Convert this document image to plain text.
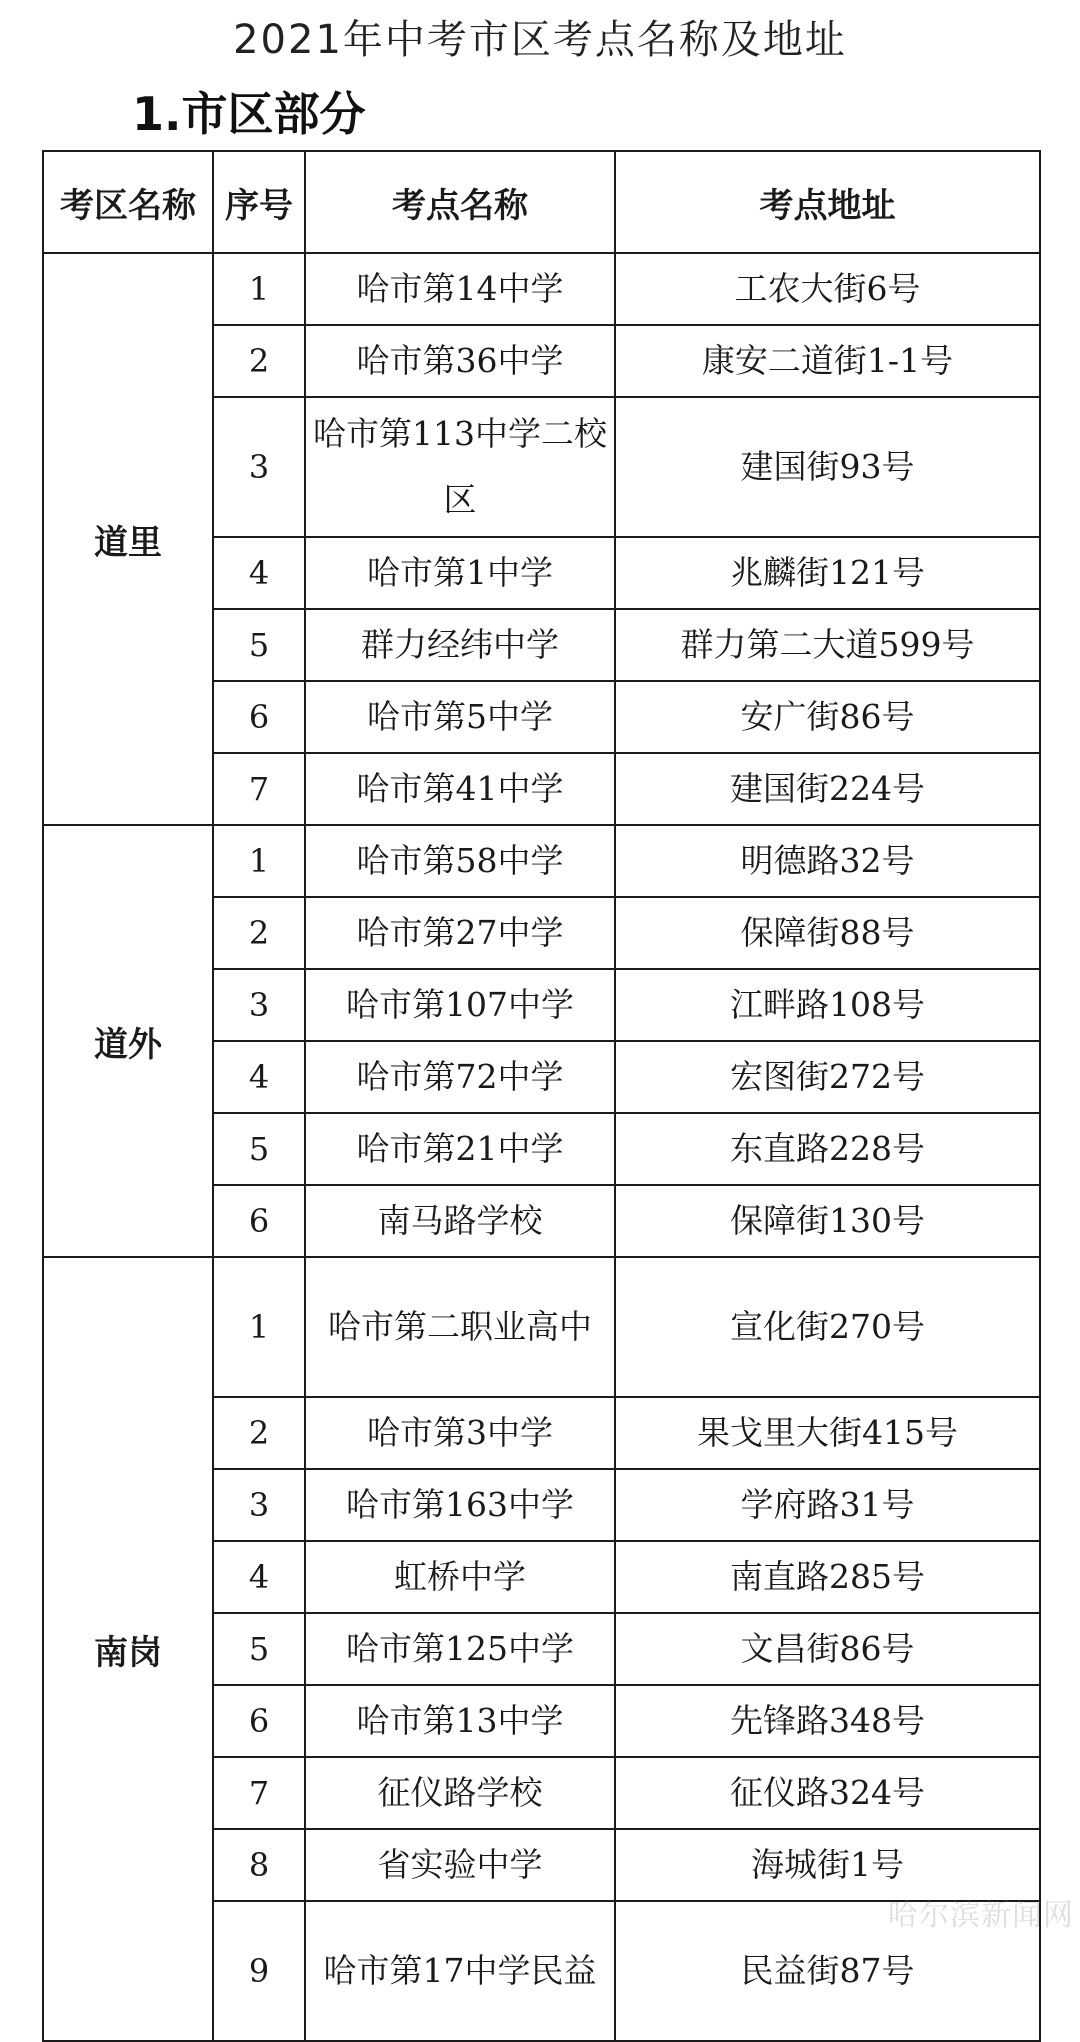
2021年中考市区考点名称及地址
1.市区部分
考区名称	序号	考点名称	考点地址
道里	1	哈市第14中学	工农大街6号
	2	哈市第36中学	康安二道街1-1号
	3	哈市第113中学二校区	建国街93号
	4	哈市第1中学	兆麟街121号
	5	群力经纬中学	群力第二大道599号
	6	哈市第5中学	安广街86号
	7	哈市第41中学	建国街224号
道外	1	哈市第58中学	明德路32号
	2	哈市第27中学	保障街88号
	3	哈市第107中学	江畔路108号
	4	哈市第72中学	宏图街272号
	5	哈市第21中学	东直路228号
	6	南马路学校	保障街130号
南岗	1	哈市第二职业高中	宣化街270号
	2	哈市第3中学	果戈里大街415号
	3	哈市第163中学	学府路31号
	4	虹桥中学	南直路285号
	5	哈市第125中学	文昌街86号
	6	哈市第13中学	先锋路348号
	7	征仪路学校	征仪路324号
	8	省实验中学	海城街1号
	9	哈市第17中学民益	民益街87号
哈尔滨新闻网
